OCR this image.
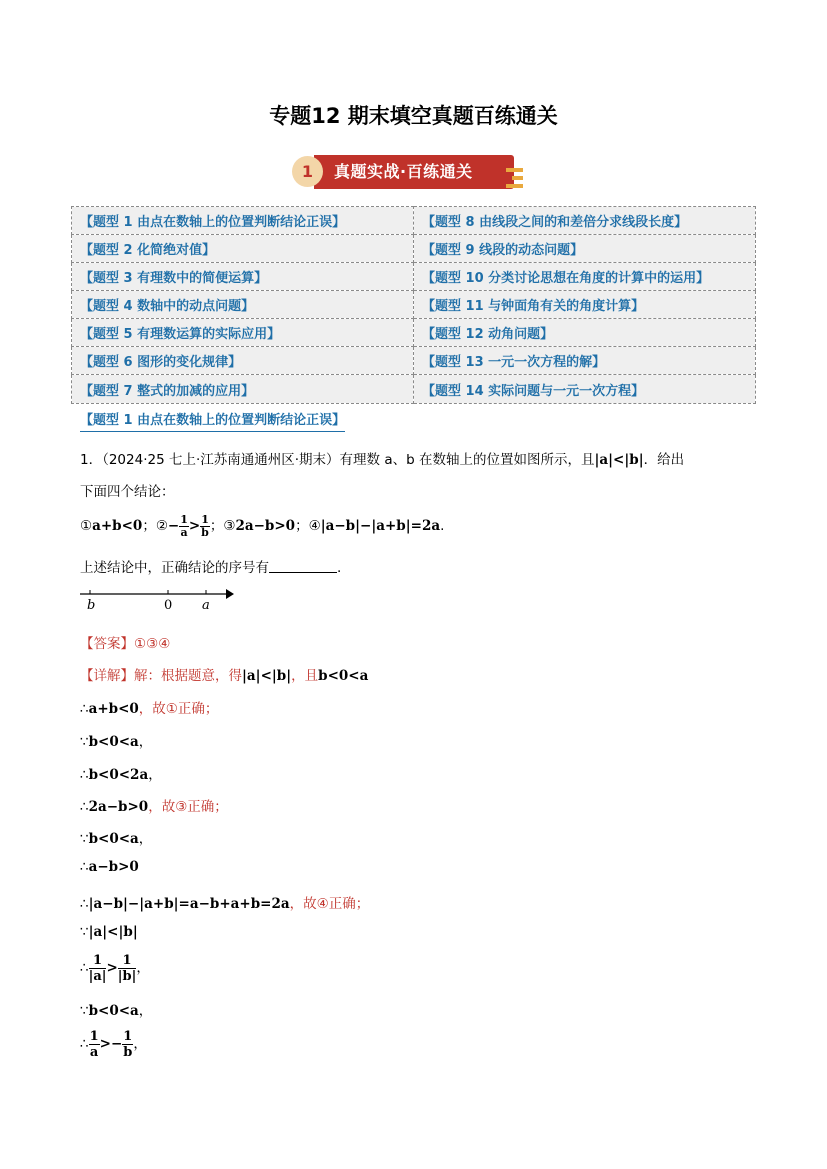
专题12 期末填空真题百练通关
1	真题实战·百练通关
【题型 1 由点在数轴上的位置判断结论正误】	【题型 8 由线段之间的和差倍分求线段长度】
【题型 2 化简绝对值】	【题型 9 线段的动态问题】
【题型 3 有理数中的简便运算】	【题型 10 分类讨论思想在角度的计算中的运用】
【题型 4 数轴中的动点问题】	【题型 11 与钟面角有关的角度计算】
【题型 5 有理数运算的实际应用】	【题型 12 动角问题】
【题型 6 图形的变化规律】	【题型 13 一元一次方程的解】
【题型 7 整式的加减的应用】	【题型 14 实际问题与一元一次方程】
【题型 1 由点在数轴上的位置判断结论正误】
1．（2024·25 七上·江苏南通通州区·期末）有理数 a、b 在数轴上的位置如图所示，且|a|<|b|．给出
下面四个结论：
①a+b<0；②− $\frac{1}{a} > \frac{1}{b}$ ；③2a−b>0；④|a−b|−|a+b|=2a.
上述结论中，正确结论的序号有	.
b	0 a
【答案】①③④
【详解】解：根据题意，得|a|<|b|，且b<0<a
∴a+b<0，故①正确；
∵b<0<a，
∴b<0<2a，
∴2a−b>0，故③正确；
∵b<0<a，
∴a−b>0
∴|a−b|−|a+b|=a−b+a+b=2a，故④正确；
∵|a|<|b|
∴ $\frac{1}{|a|} > \frac{1}{|b|}$ ，
∵b<0<a，
∴ $\frac{1}{a} >- \frac{1}{b}$ ，
